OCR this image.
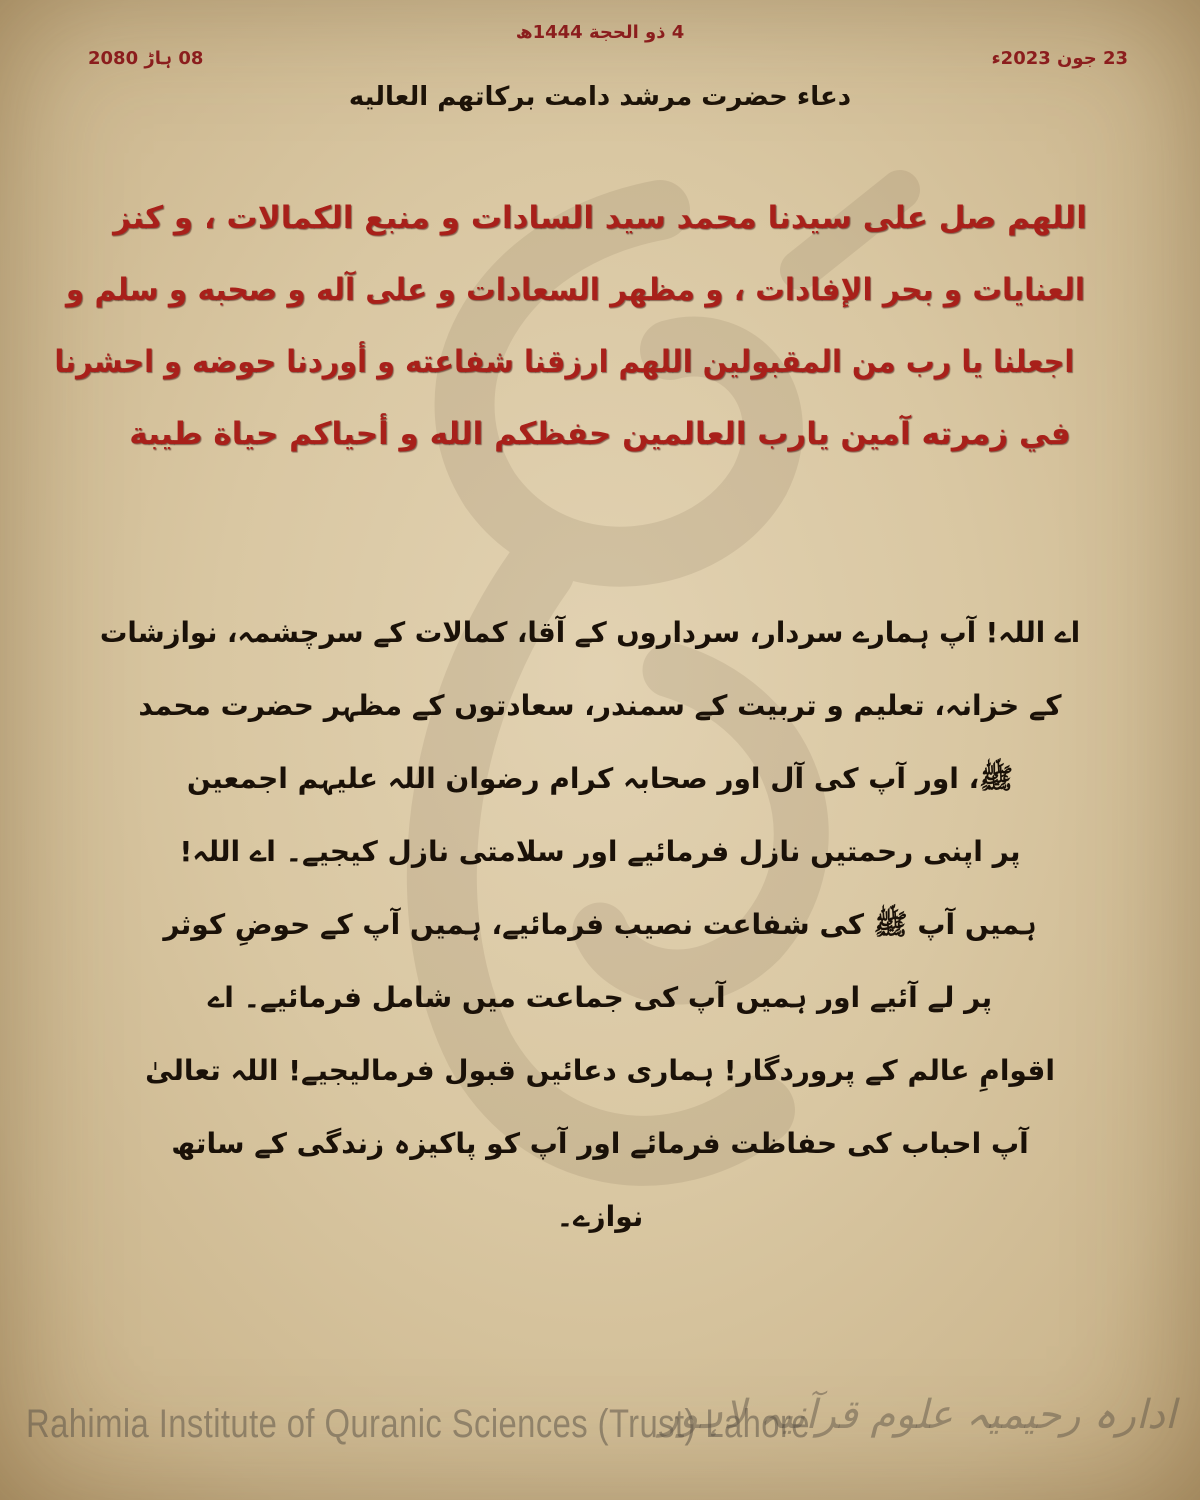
4 ذو الحجة 1444ھ
23 جون 2023ء
08 ہاڑ 2080
دعاء حضرت مرشد دامت برکاتهم العاليه
اللهم صل على سيدنا محمد سيد السادات و منبع الكمالات ، و كنز
العنايات و بحر الإفادات ، و مظهر السعادات و على آله و صحبه و سلم و
اجعلنا يا رب من المقبولين اللهم ارزقنا شفاعته و أوردنا حوضه و احشرنا
في زمرته آمين يارب العالمين حفظكم الله و أحياكم حياة طيبة
اے اللہ! آپ ہمارے سردار، سرداروں کے آقا، کمالات کے سرچشمہ، نوازشات
کے خزانہ، تعلیم و تربیت کے سمندر، سعادتوں کے مظہر حضرت محمد
ﷺ، اور آپ کی آل اور صحابہ کرام رضوان اللہ علیہم اجمعین
پر اپنی رحمتیں نازل فرمائیے اور سلامتی نازل کیجیے۔ اے اللہ!
ہمیں آپ ﷺ کی شفاعت نصیب فرمائیے، ہمیں آپ کے حوضِ کوثر
پر لے آئیے اور ہمیں آپ کی جماعت میں شامل فرمائیے۔ اے
اقوامِ عالم کے پروردگار! ہماری دعائیں قبول فرمالیجیے! اللہ تعالیٰ
آپ احباب کی حفاظت فرمائے اور آپ کو پاکیزہ زندگی کے ساتھ
نوازے۔
Rahimia Institute of Quranic Sciences (Trust) Lahore
ادارہ رحیمیہ علوم قرآنیہ لاہور
